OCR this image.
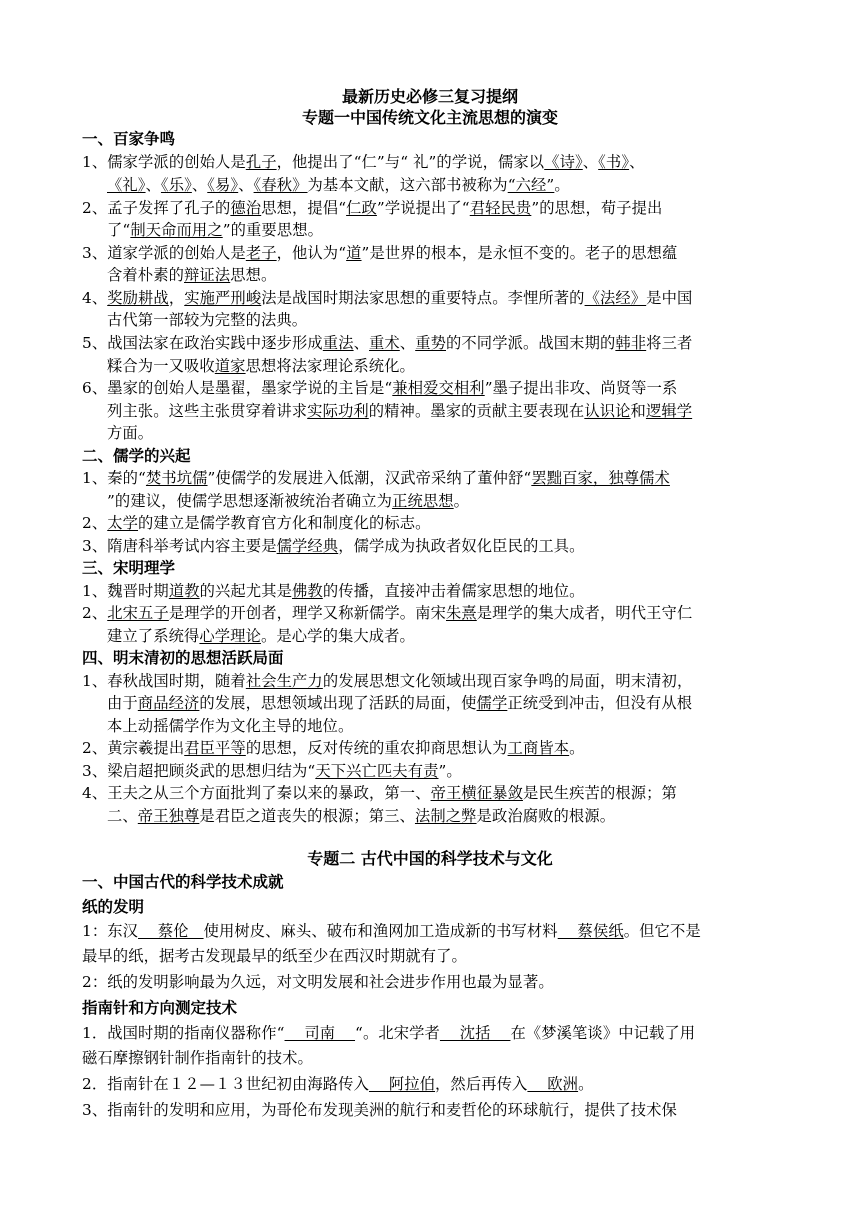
最新历史必修三复习提纲
专题一中国传统文化主流思想的演变
一、百家争鸣
1、儒家学派的创始人是孔子，他提出了“仁”与“ 礼”的学说，儒家以《诗》、《书》、
《礼》、《乐》、《易》、《春秋》为基本文献，这六部书被称为“六经”。
2、孟子发挥了孔子的德治思想，提倡“仁政”学说提出了“君轻民贵”的思想，荀子提出
了“制天命而用之”的重要思想。
3、道家学派的创始人是老子，他认为“道”是世界的根本，是永恒不变的。老子的思想蕴
含着朴素的辩证法思想。
4、奖励耕战，实施严刑峻法是战国时期法家思想的重要特点。李悝所著的《法经》是中国
古代第一部较为完整的法典。
5、战国法家在政治实践中逐步形成重法、重术、重势的不同学派。战国末期的韩非将三者
糅合为一又吸收道家思想将法家理论系统化。
6、墨家的创始人是墨翟，墨家学说的主旨是“兼相爱交相利”墨子提出非攻、尚贤等一系
列主张。这些主张贯穿着讲求实际功利的精神。墨家的贡献主要表现在认识论和逻辑学
方面。
二、儒学的兴起
1、秦的“焚书坑儒”使儒学的发展进入低潮，汉武帝采纳了董仲舒“罢黜百家，独尊儒术
”的建议，使儒学思想逐渐被统治者确立为正统思想。
2、太学的建立是儒学教育官方化和制度化的标志。
3、隋唐科举考试内容主要是儒学经典，儒学成为执政者奴化臣民的工具。
三、宋明理学
1、魏晋时期道教的兴起尤其是佛教的传播，直接冲击着儒家思想的地位。
2、北宋五子是理学的开创者，理学又称新儒学。南宋朱熹是理学的集大成者，明代王守仁
建立了系统得心学理论。是心学的集大成者。
四、明末清初的思想活跃局面
1、春秋战国时期，随着社会生产力的发展思想文化领域出现百家争鸣的局面，明末清初，
由于商品经济的发展，思想领域出现了活跃的局面，使儒学正统受到冲击，但没有从根
本上动摇儒学作为文化主导的地位。
2、黄宗羲提出君臣平等的思想，反对传统的重农抑商思想认为工商皆本。
3、梁启超把顾炎武的思想归结为“天下兴亡匹夫有责”。
4、王夫之从三个方面批判了秦以来的暴政，第一、帝王横征暴敛是民生疾苦的根源；第
二、帝王独尊是君臣之道丧失的根源；第三、法制之弊是政治腐败的根源。
专题二 古代中国的科学技术与文化
一、中国古代的科学技术成就
纸的发明
1：东汉    蔡伦   使用树皮、麻头、破布和渔网加工造成新的书写材料    蔡侯纸。但它不是
最早的纸，据考古发现最早的纸至少在西汉时期就有了。
2：纸的发明影响最为久远，对文明发展和社会进步作用也最为显著。
指南针和方向测定技术
1．战国时期的指南仪器称作“    司南    “。北宋学者    沈括    在《梦溪笔谈》中记载了用
磁石摩擦钢针制作指南针的技术。
2．指南针在１２—１３世纪初由海路传入    阿拉伯，然后再传入    欧洲。
3、指南针的发明和应用，为哥伦布发现美洲的航行和麦哲伦的环球航行，提供了技术保
